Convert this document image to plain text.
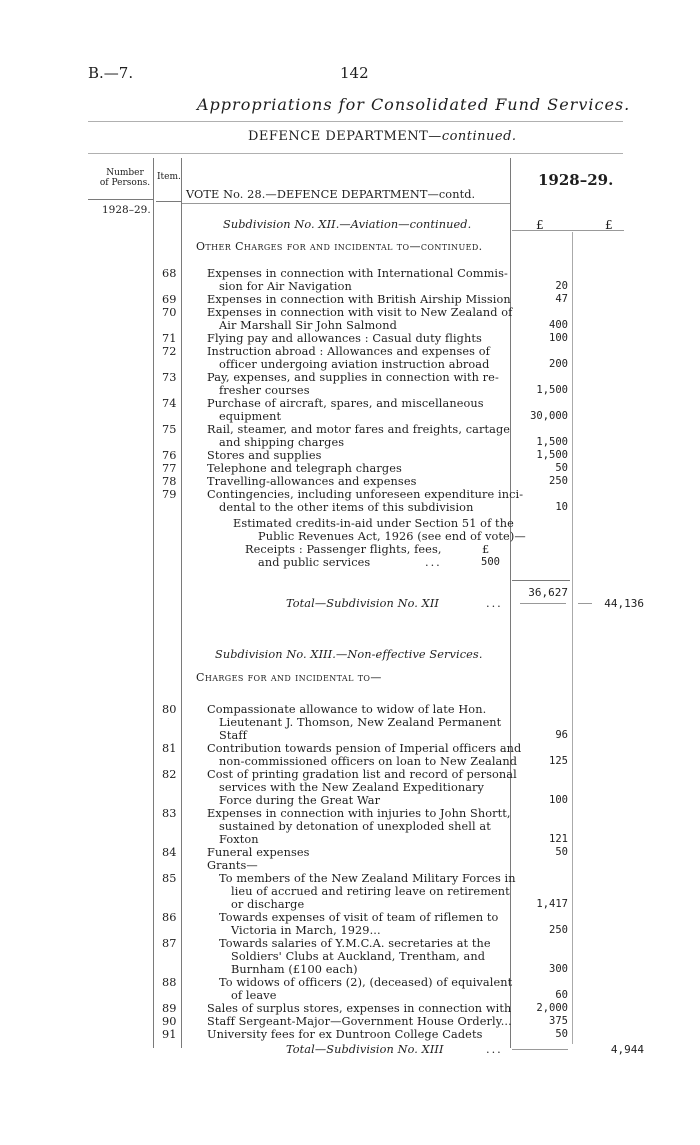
B.—7.	142
Appropriations for Consolidated Fund Services.
DEFENCE DEPARTMENT—continued.
Number
of Persons.
Item.	1928–29.
1928–29.
VOTE No. 28.—DEFENCE DEPARTMENT—contd.
£	£
Subdivision No. XII.—Aviation—continued.
Other Charges for and incidental to—continued.
68	Expenses in connection with International Commis-
sion for Air Navigation	20
69	Expenses in connection with British Airship Mission	47
70	Expenses in connection with visit to New Zealand of
Air Marshall Sir John Salmond	400
71	Flying pay and allowances : Casual duty flights	100
72	Instruction abroad : Allowances and expenses of
officer undergoing aviation instruction abroad	200
73	Pay, expenses, and supplies in connection with re-
fresher courses	1,500
74	Purchase of aircraft, spares, and miscellaneous
equipment	30,000
75	Rail, steamer, and motor fares and freights, cartage
and shipping charges	1,500
76	Stores and supplies	1,500
77	Telephone and telegraph charges	50
78	Travelling-allowances and expenses	250
79	Contingencies, including unforeseen expenditure inci-
dental to the other items of this subdivision	10
Estimated credits-in-aid under Section 51 of the
Public Revenues Act, 1926 (see end of vote)—
Receipts : Passenger flights, fees,	£
and public services	...	500
36,627
Total—Subdivision No. XII	...	44,136
Subdivision No. XIII.—Non-effective Services.
Charges for and incidental to—
80	Compassionate allowance to widow of late Hon.
Lieutenant J. Thomson, New Zealand Permanent
Staff	96
81	Contribution towards pension of Imperial officers and
non-commissioned officers on loan to New Zealand	125
82	Cost of printing gradation list and record of personal
services with the New Zealand Expeditionary
Force during the Great War	100
83	Expenses in connection with injuries to John Shortt,
sustained by detonation of unexploded shell at
Foxton	121
84	Funeral expenses	50
Grants—
85	To members of the New Zealand Military Forces in
lieu of accrued and retiring leave on retirement
or discharge	1,417
86	Towards expenses of visit of team of riflemen to
Victoria in March, 1929...	250
87	Towards salaries of Y.M.C.A. secretaries at the
Soldiers' Clubs at Auckland, Trentham, and
Burnham (£100 each)	300
88	To widows of officers (2), (deceased) of equivalent
of leave	60
89	Sales of surplus stores, expenses in connection with	2,000
90	Staff Sergeant-Major—Government House Orderly...	375
91	University fees for ex Duntroon College Cadets	50
Total—Subdivision No. XIII	...	4,944
